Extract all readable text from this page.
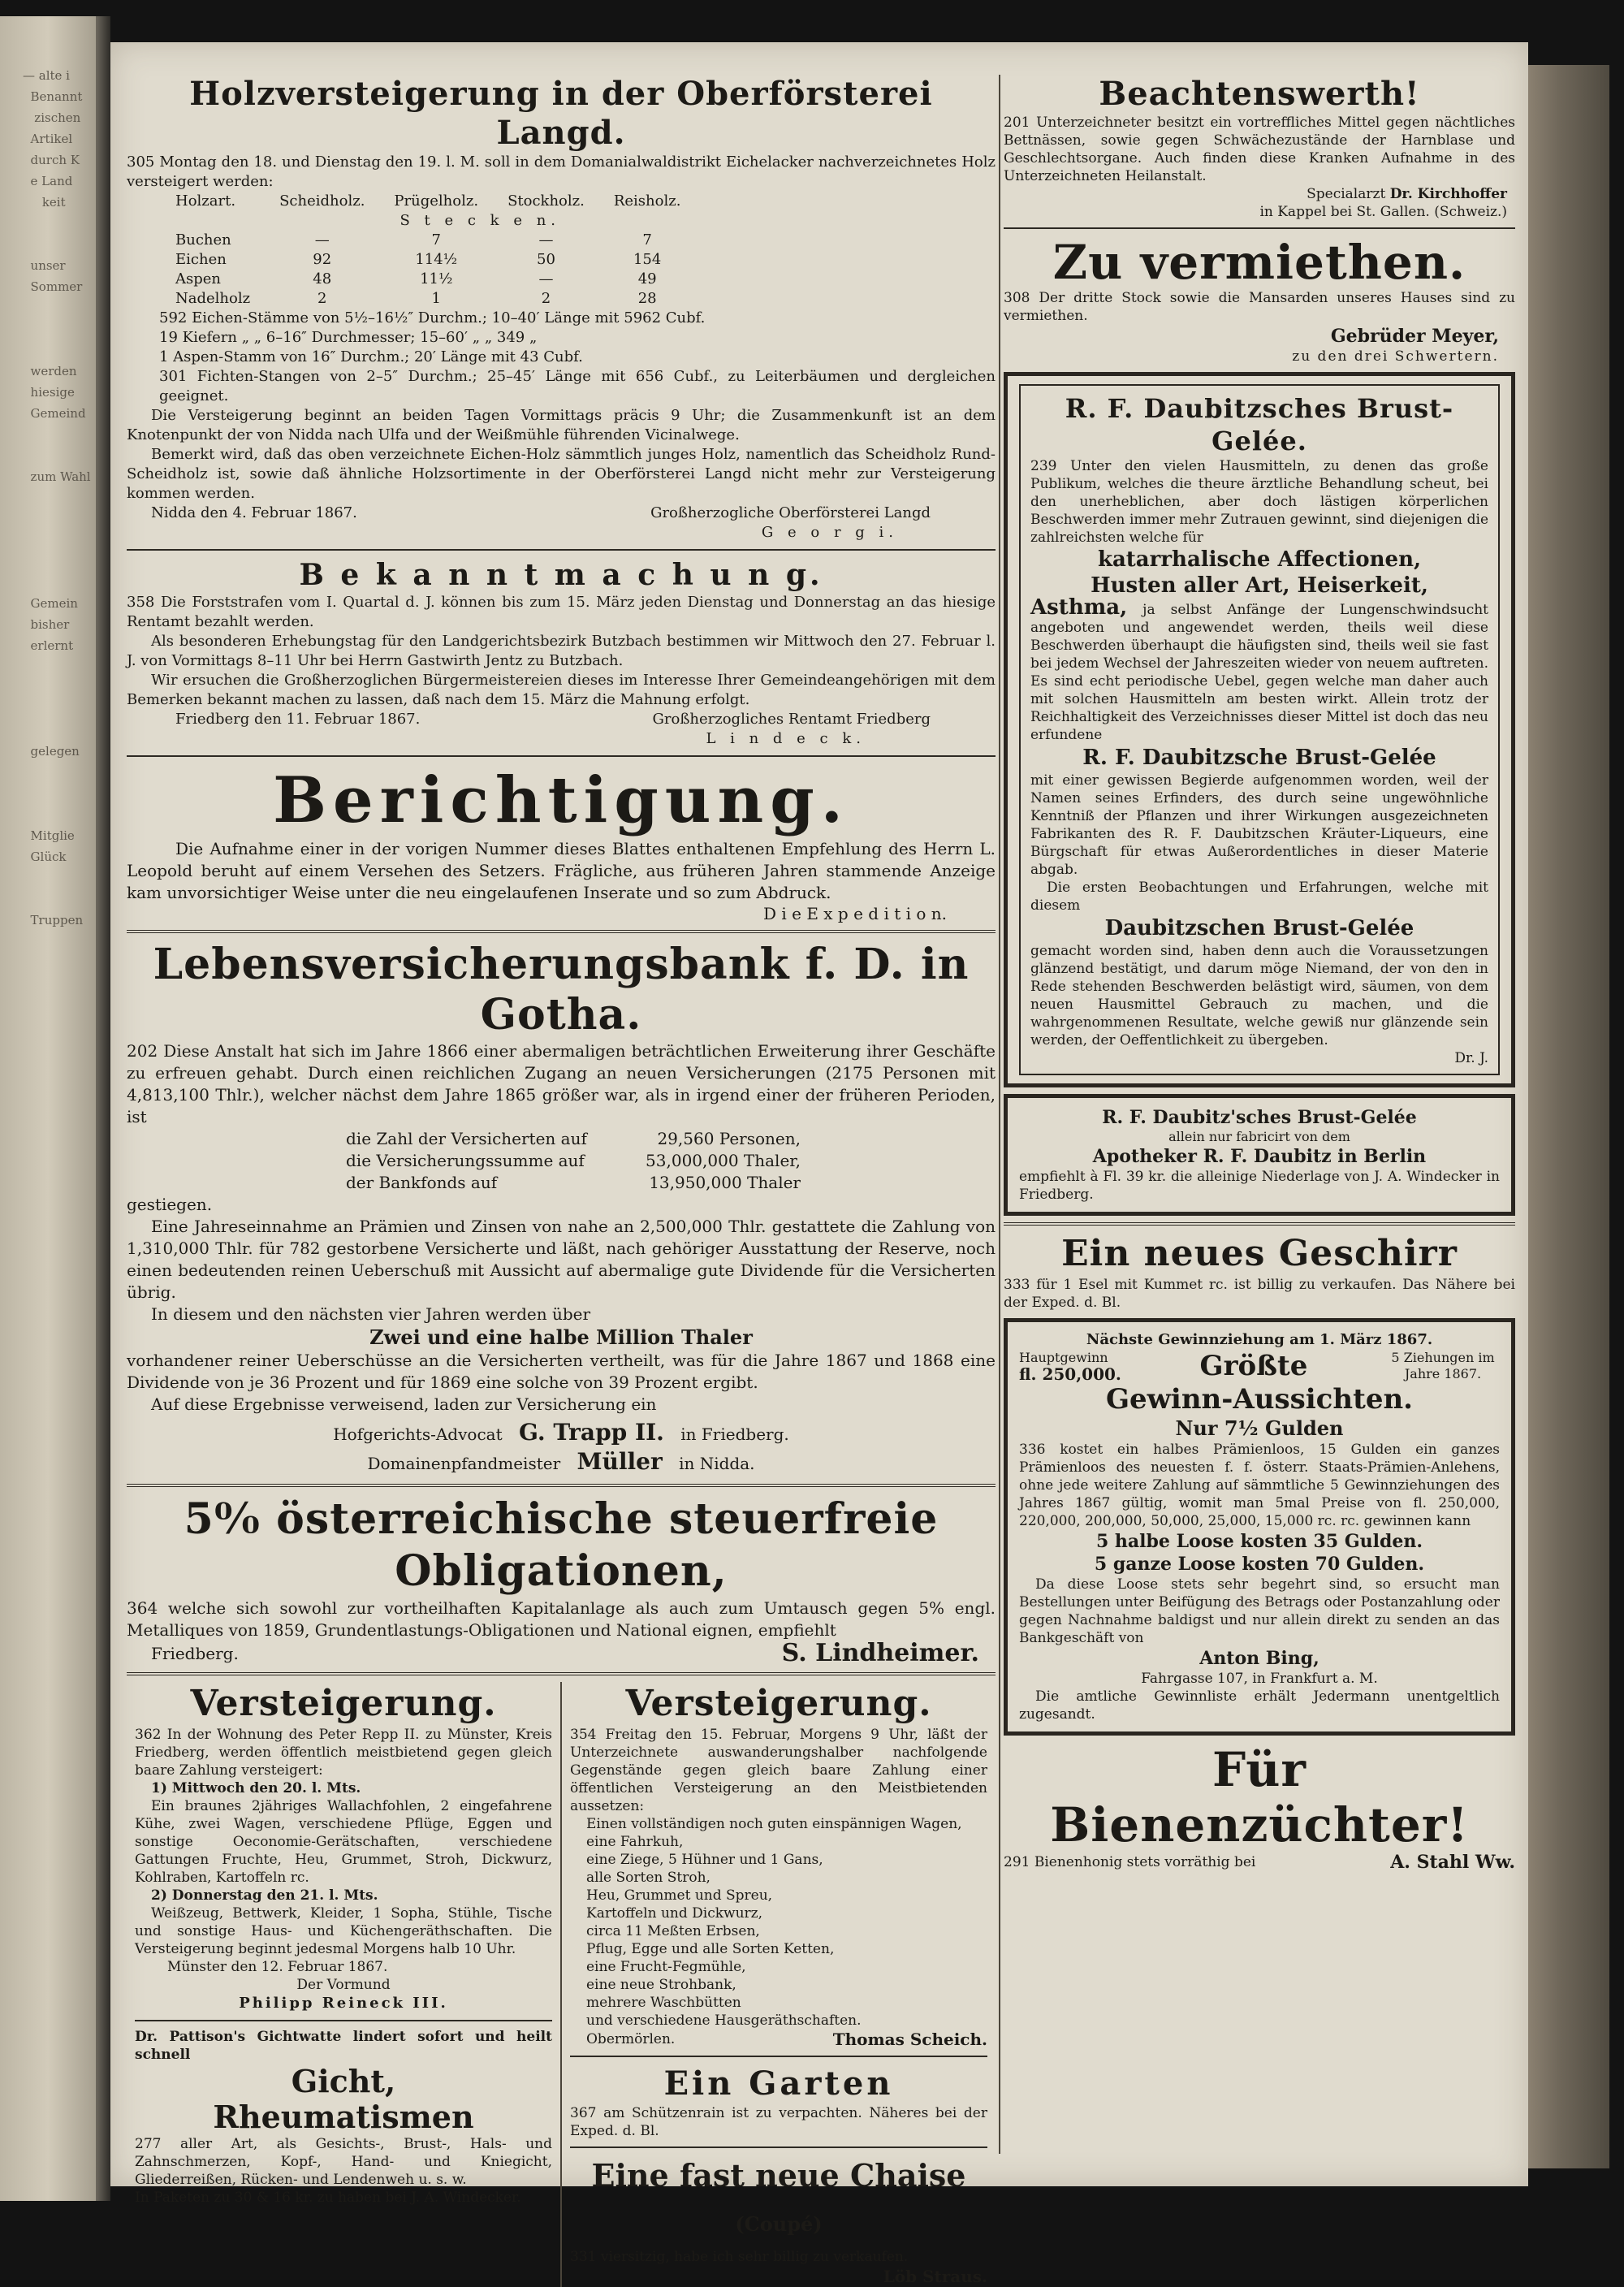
— alte i
Benannt
zischen
Artikel
durch K
e Land
keit

unser
Sommer

werden
hiesige
Gemeind

zum Wahl

Gemein
bisher
erlernt

gelegen

Mitglie
Glück

Truppen
Holzversteigerung in der Oberförsterei Langd.
305 Montag den 18. und Dienstag den 19. l. M. soll in dem Domanialwaldistrikt Eichelacker nachverzeichnetes Holz versteigert werden:
Holzart.	Scheidholz.	Prügelholz.	Stockholz.	Reisholz.
	S t e c k e n.			
Buchen	—	7	—	7
Eichen	92	114½	50	154
Aspen	48	11½	—	49
Nadelholz	2	1	2	28
592 Eichen-Stämme von 5½–16½″ Durchm.; 10–40′ Länge mit 5962 Cubf.
19 Kiefern „ „ 6–16″ Durchmesser; 15–60′ „ „ 349 „
1 Aspen-Stamm von 16″ Durchm.; 20′ Länge mit 43 Cubf.
301 Fichten-Stangen von 2–5″ Durchm.; 25–45′ Länge mit 656 Cubf., zu Leiterbäumen und dergleichen geeignet.
Die Versteigerung beginnt an beiden Tagen Vormittags präcis 9 Uhr; die Zusammenkunft ist an dem Knotenpunkt der von Nidda nach Ulfa und der Weißmühle führenden Vicinalwege.
Bemerkt wird, daß das oben verzeichnete Eichen-Holz sämmtlich junges Holz, namentlich das Scheidholz Rund-Scheidholz ist, sowie daß ähnliche Holzsortimente in der Oberförsterei Langd nicht mehr zur Versteigerung kommen werden.
Nidda den 4. Februar 1867.	Großherzogliche Oberförsterei Langd
G e o r g i.
B e k a n n t m a c h u n g.
358 Die Forststrafen vom I. Quartal d. J. können bis zum 15. März jeden Dienstag und Donnerstag an das hiesige Rentamt bezahlt werden.
Als besonderen Erhebungstag für den Landgerichtsbezirk Butzbach bestimmen wir Mittwoch den 27. Februar l. J. von Vormittags 8–11 Uhr bei Herrn Gastwirth Jentz zu Butzbach.
Wir ersuchen die Großherzoglichen Bürgermeistereien dieses im Interesse Ihrer Gemeindeangehörigen mit dem Bemerken bekannt machen zu lassen, daß nach dem 15. März die Mahnung erfolgt.
Friedberg den 11. Februar 1867.	Großherzogliches Rentamt Friedberg
L i n d e c k.
Berichtigung.
Die Aufnahme einer in der vorigen Nummer dieses Blattes enthaltenen Empfehlung des Herrn L. Leopold beruht auf einem Versehen des Setzers. Frägliche, aus früheren Jahren stammende Anzeige kam unvorsichtiger Weise unter die neu eingelaufenen Inserate und so zum Abdruck.
D i e E x p e d i t i o n.
Lebensversicherungsbank f. D. in Gotha.
202 Diese Anstalt hat sich im Jahre 1866 einer abermaligen beträchtlichen Erweiterung ihrer Geschäfte zu erfreuen gehabt. Durch einen reichlichen Zugang an neuen Versicherungen (2175 Personen mit 4,813,100 Thlr.), welcher nächst dem Jahre 1865 größer war, als in irgend einer der früheren Perioden, ist
die Zahl der Versicherten auf	29,560 Personen,
die Versicherungssumme auf	53,000,000 Thaler,
der Bankfonds auf	13,950,000 Thaler
gestiegen.
Eine Jahreseinnahme an Prämien und Zinsen von nahe an 2,500,000 Thlr. gestattete die Zahlung von 1,310,000 Thlr. für 782 gestorbene Versicherte und läßt, nach gehöriger Ausstattung der Reserve, noch einen bedeutenden reinen Ueberschuß mit Aussicht auf abermalige gute Dividende für die Versicherten übrig.
In diesem und den nächsten vier Jahren werden über
Zwei und eine halbe Million Thaler
vorhandener reiner Ueberschüsse an die Versicherten vertheilt, was für die Jahre 1867 und 1868 eine Dividende von je 36 Prozent und für 1869 eine solche von 39 Prozent ergibt.
Auf diese Ergebnisse verweisend, laden zur Versicherung ein
Hofgerichts-Advocat G. Trapp II. in Friedberg.
Domainenpfandmeister Müller in Nidda.
5⁰⁄₀ österreichische steuerfreie Obligationen,
364 welche sich sowohl zur vortheilhaften Kapitalanlage als auch zum Umtausch gegen 5% engl. Metalliques von 1859, Grundentlastungs-Obligationen und National eignen, empfiehlt
Friedberg.	S. Lindheimer.
Versteigerung.
362 In der Wohnung des Peter Repp II. zu Münster, Kreis Friedberg, werden öffentlich meistbietend gegen gleich baare Zahlung versteigert:
1) Mittwoch den 20. l. Mts.
Ein braunes 2jähriges Wallachfohlen, 2 eingefahrene Kühe, zwei Wagen, verschiedene Pflüge, Eggen und sonstige Oeconomie-Gerätschaften, verschiedene Gattungen Fruchte, Heu, Grummet, Stroh, Dickwurz, Kohlraben, Kartoffeln rc.
2) Donnerstag den 21. l. Mts.
Weißzeug, Bettwerk, Kleider, 1 Sopha, Stühle, Tische und sonstige Haus- und Küchengeräthschaften. Die Versteigerung beginnt jedesmal Morgens halb 10 Uhr.
Münster den 12. Februar 1867.
Der Vormund
Philipp Reineck III.
Dr. Pattison's Gichtwatte lindert sofort und heilt schnell
Gicht,
Rheumatismen
277 aller Art, als Gesichts-, Brust-, Hals- und Zahnschmerzen, Kopf-, Hand- und Kniegicht, Gliederreißen, Rücken- und Lendenweh u. s. w.
In Paketen zu 30 & 16 kr. zu haben bei J. A. Windecker.
Versteigerung.
354 Freitag den 15. Februar, Morgens 9 Uhr, läßt der Unterzeichnete auswanderungshalber nachfolgende Gegenstände gegen gleich baare Zahlung einer öffentlichen Versteigerung an den Meistbietenden aussetzen:
Einen vollständigen noch guten einspännigen Wagen,
eine Fahrkuh,
eine Ziege, 5 Hühner und 1 Gans,
alle Sorten Stroh,
Heu, Grummet und Spreu,
Kartoffeln und Dickwurz,
circa 11 Meßten Erbsen,
Pflug, Egge und alle Sorten Ketten,
eine Frucht-Fegmühle,
eine neue Strohbank,
mehrere Waschbütten
und verschiedene Hausgeräthschaften.
Obermörlen.	Thomas Scheich.
Ein Garten
367 am Schützenrain ist zu verpachten. Näheres bei der Exped. d. Bl.
Eine fast neue Chaise (Coupé)
331 viersitzig, habe ich sehr billig zu verkaufen.
Löb Straus.
Beachtenswerth!
201 Unterzeichneter besitzt ein vortreffliches Mittel gegen nächtliches Bettnässen, sowie gegen Schwächezustände der Harnblase und Geschlechtsorgane. Auch finden diese Kranken Aufnahme in des Unterzeichneten Heilanstalt.
Specialarzt Dr. Kirchhoffer
in Kappel bei St. Gallen. (Schweiz.)
Zu vermiethen.
308 Der dritte Stock sowie die Mansarden unseres Hauses sind zu vermiethen.
Gebrüder Meyer,
zu den drei Schwertern.
R. F. Daubitzsches Brust-Gelée.
239 Unter den vielen Hausmitteln, zu denen das große Publikum, welches die theure ärztliche Behandlung scheut, bei den unerheblichen, aber doch lästigen körperlichen Beschwerden immer mehr Zutrauen gewinnt, sind diejenigen die zahlreichsten welche für
katarrhalische Affectionen,
Husten aller Art, Heiserkeit,
Asthma, ja selbst Anfänge der Lungenschwindsucht angeboten und angewendet werden, theils weil diese Beschwerden überhaupt die häufigsten sind, theils weil sie fast bei jedem Wechsel der Jahreszeiten wieder von neuem auftreten. Es sind echt periodische Uebel, gegen welche man daher auch mit solchen Hausmitteln am besten wirkt. Allein trotz der Reichhaltigkeit des Verzeichnisses dieser Mittel ist doch das neu erfundene
R. F. Daubitzsche Brust-Gelée
mit einer gewissen Begierde aufgenommen worden, weil der Namen seines Erfinders, des durch seine ungewöhnliche Kenntniß der Pflanzen und ihrer Wirkungen ausgezeichneten Fabrikanten des R. F. Daubitzschen Kräuter-Liqueurs, eine Bürgschaft für etwas Außerordentliches in dieser Materie abgab.
Die ersten Beobachtungen und Erfahrungen, welche mit diesem
Daubitzschen Brust-Gelée
gemacht worden sind, haben denn auch die Voraussetzungen glänzend bestätigt, und darum möge Niemand, der von den in Rede stehenden Beschwerden belästigt wird, säumen, von dem neuen Hausmittel Gebrauch zu machen, und die wahrgenommenen Resultate, welche gewiß nur glänzende sein werden, der Oeffentlichkeit zu übergeben.
Dr. J.
R. F. Daubitz'sches Brust-Gelée
allein nur fabricirt von dem
Apotheker R. F. Daubitz in Berlin
empfiehlt à Fl. 39 kr. die alleinige Niederlage von J. A. Windecker in Friedberg.
Ein neues Geschirr
333 für 1 Esel mit Kummet rc. ist billig zu verkaufen. Das Nähere bei der Exped. d. Bl.
Nächste Gewinnziehung am 1. März 1867.
Hauptgewinn
fl. 250,000.	Größte	5 Ziehungen im Jahre 1867.
Gewinn-Aussichten.
Nur 7½ Gulden
336 kostet ein halbes Prämienloos, 15 Gulden ein ganzes Prämienloos des neuesten f. f. österr. Staats-Prämien-Anlehens, ohne jede weitere Zahlung auf sämmtliche 5 Gewinnziehungen des Jahres 1867 gültig, womit man 5mal Preise von fl. 250,000, 220,000, 200,000, 50,000, 25,000, 15,000 rc. rc. gewinnen kann
5 halbe Loose kosten 35 Gulden.
5 ganze Loose kosten 70 Gulden.
Da diese Loose stets sehr begehrt sind, so ersucht man Bestellungen unter Beifügung des Betrags oder Postanzahlung oder gegen Nachnahme baldigst und nur allein direkt zu senden an das Bankgeschäft von
Anton Bing,
Fahrgasse 107, in Frankfurt a. M.
Die amtliche Gewinnliste erhält Jedermann unentgeltlich zugesandt.
Für Bienenzüchter!
291 Bienenhonig stets vorräthig bei	A. Stahl Ww.
